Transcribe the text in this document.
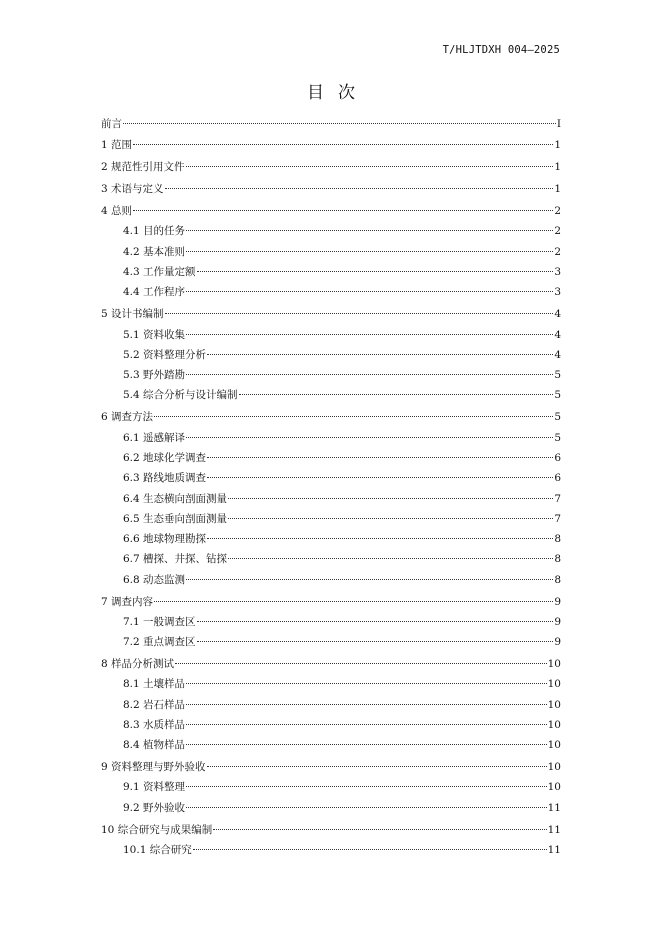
T/HLJTDXH 004—2025
目次
前言	I
1 范围	1
2 规范性引用文件	1
3 术语与定义	1
4 总则	2
4.1 目的任务	2
4.2 基本准则	2
4.3 工作量定额	3
4.4 工作程序	3
5 设计书编制	4
5.1 资料收集	4
5.2 资料整理分析	4
5.3 野外踏勘	5
5.4 综合分析与设计编制	5
6 调查方法	5
6.1 遥感解译	5
6.2 地球化学调查	6
6.3 路线地质调查	6
6.4 生态横向剖面测量	7
6.5 生态垂向剖面测量	7
6.6 地球物理勘探	8
6.7 槽探、井探、钻探	8
6.8 动态监测	8
7 调查内容	9
7.1 一般调查区	9
7.2 重点调查区	9
8 样品分析测试	10
8.1 土壤样品	10
8.2 岩石样品	10
8.3 水质样品	10
8.4 植物样品	10
9 资料整理与野外验收	10
9.1 资料整理	10
9.2 野外验收	11
10 综合研究与成果编制	11
10.1 综合研究	11
